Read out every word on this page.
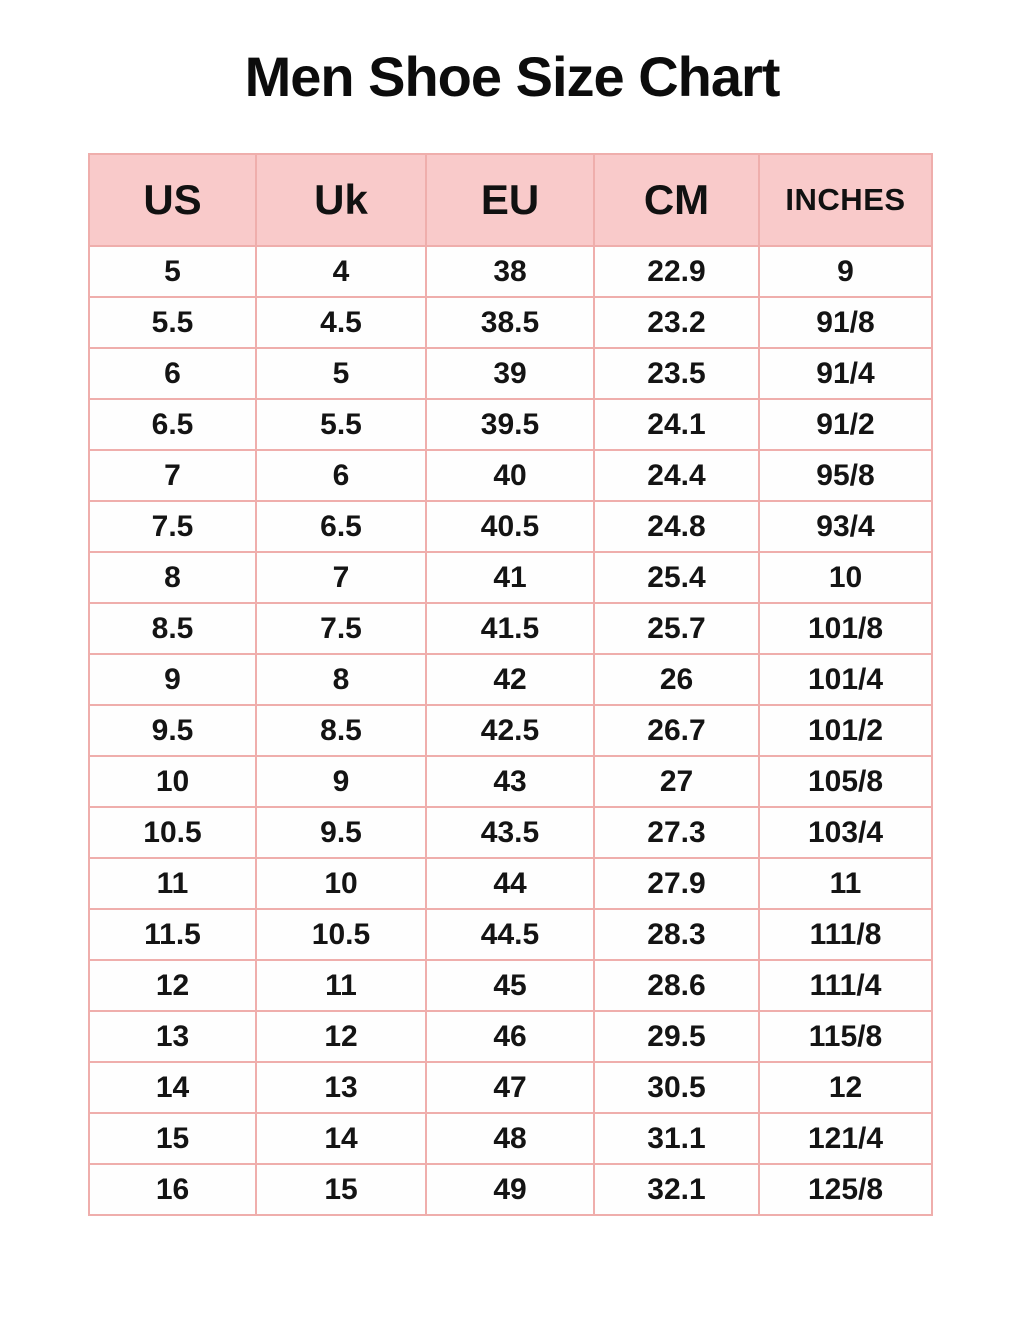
Men Shoe Size Chart
US	Uk	EU	CM	INCHES
5	4	38	22.9	9
5.5	4.5	38.5	23.2	91/8
6	5	39	23.5	91/4
6.5	5.5	39.5	24.1	91/2
7	6	40	24.4	95/8
7.5	6.5	40.5	24.8	93/4
8	7	41	25.4	10
8.5	7.5	41.5	25.7	101/8
9	8	42	26	101/4
9.5	8.5	42.5	26.7	101/2
10	9	43	27	105/8
10.5	9.5	43.5	27.3	103/4
11	10	44	27.9	11
11.5	10.5	44.5	28.3	111/8
12	11	45	28.6	111/4
13	12	46	29.5	115/8
14	13	47	30.5	12
15	14	48	31.1	121/4
16	15	49	32.1	125/8
